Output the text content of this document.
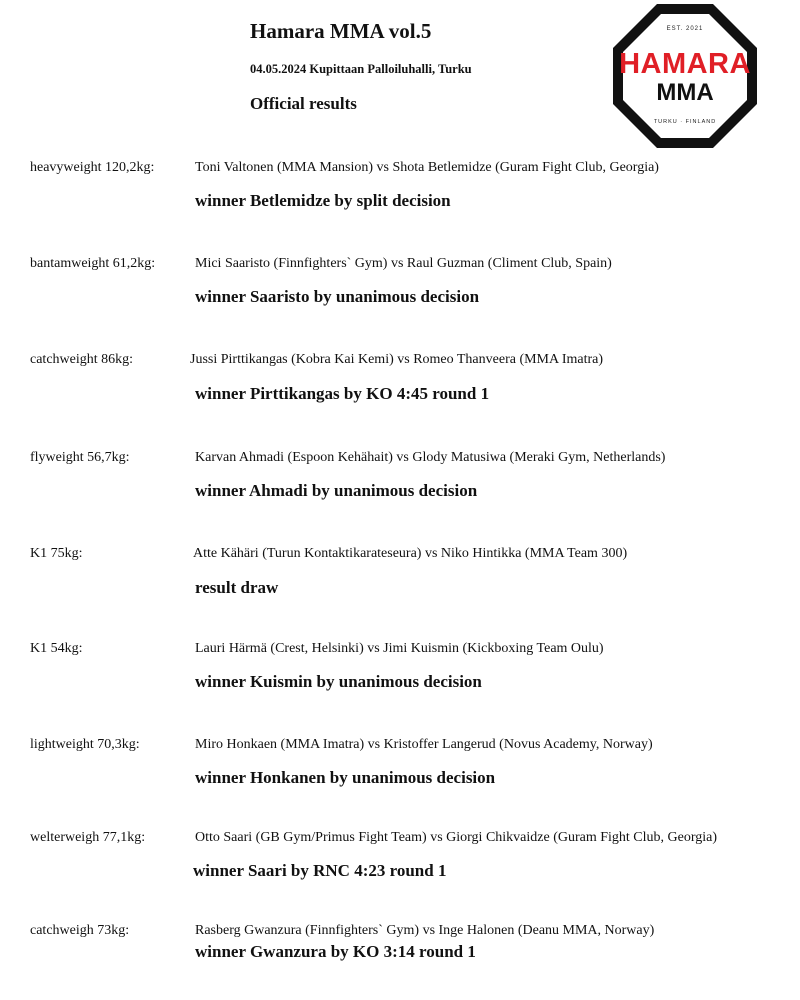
Hamara MMA vol.5
04.05.2024 Kupittaan Palloiluhalli, Turku
Official results
EST. 2021
HAMARA
MMA
TURKU · FINLAND
heavyweight 120,2kg:	Toni Valtonen (MMA Mansion) vs Shota Betlemidze (Guram Fight Club, Georgia)
winner Betlemidze by split decision
bantamweight 61,2kg:	Mici Saaristo (Finnfighters` Gym) vs Raul Guzman (Climent Club, Spain)
winner Saaristo by unanimous decision
catchweight 86kg:	Jussi Pirttikangas (Kobra Kai Kemi) vs Romeo Thanveera (MMA Imatra)
winner Pirttikangas by KO 4:45 round 1
flyweight 56,7kg:	Karvan Ahmadi (Espoon Kehähait) vs Glody Matusiwa (Meraki Gym, Netherlands)
winner Ahmadi by unanimous decision
K1 75kg:	Atte Kähäri (Turun Kontaktikarateseura) vs Niko Hintikka (MMA Team 300)
result draw
K1 54kg:	Lauri Härmä (Crest, Helsinki) vs Jimi Kuismin (Kickboxing Team Oulu)
winner Kuismin by unanimous decision
lightweight 70,3kg:	Miro Honkaen (MMA Imatra) vs Kristoffer Langerud (Novus Academy, Norway)
winner Honkanen by unanimous decision
welterweigh 77,1kg:	Otto Saari (GB Gym/Primus Fight Team) vs Giorgi Chikvaidze (Guram Fight Club, Georgia)
winner Saari by RNC 4:23 round 1
catchweigh 73kg:	Rasberg Gwanzura (Finnfighters` Gym) vs Inge Halonen (Deanu MMA, Norway)
winner Gwanzura by KO 3:14 round 1
